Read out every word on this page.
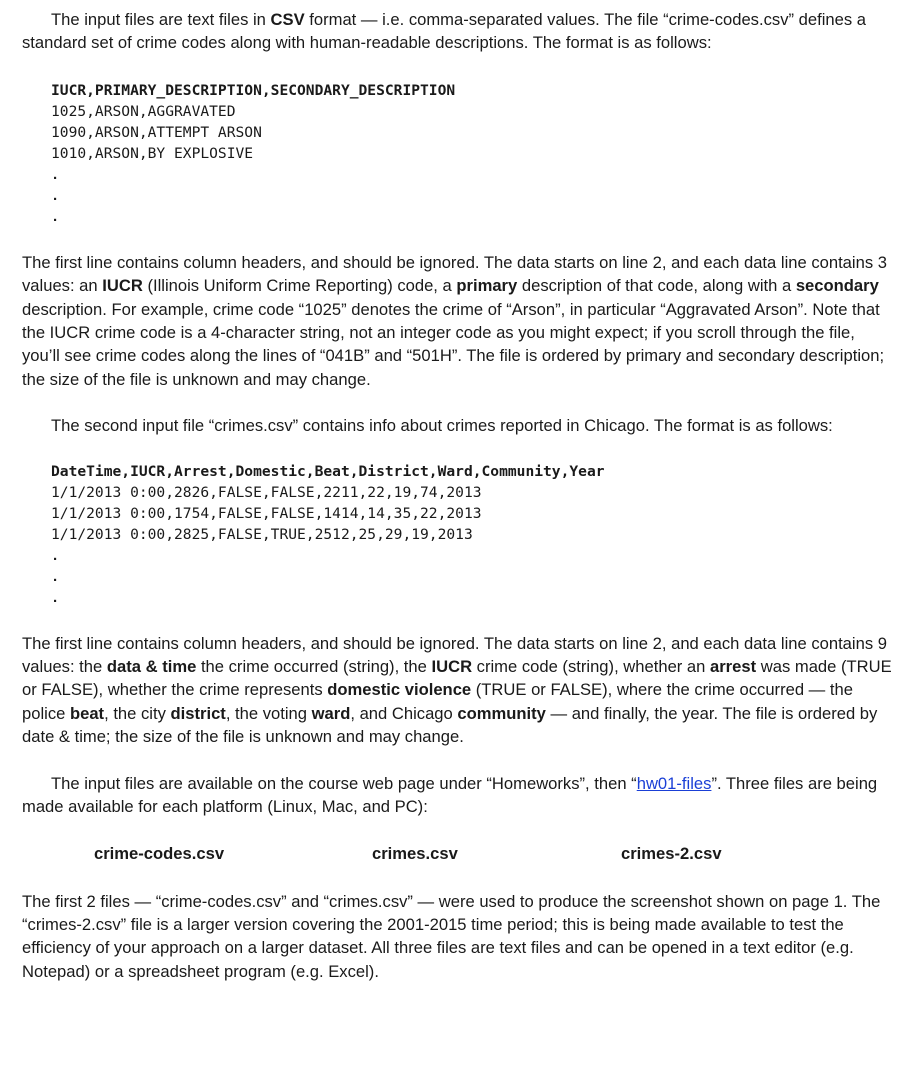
The input files are text files in CSV format — i.e. comma-separated values. The file “crime-codes.csv” defines a standard set of crime codes along with human-readable descriptions. The format is as follows:

IUCR,PRIMARY_DESCRIPTION,SECONDARY_DESCRIPTION
1025,ARSON,AGGRAVATED
1090,ARSON,ATTEMPT ARSON
1010,ARSON,BY EXPLOSIVE
.
.
.

The first line contains column headers, and should be ignored. The data starts on line 2, and each data line contains 3 values: an IUCR (Illinois Uniform Crime Reporting) code, a primary description of that code, along with a secondary description. For example, crime code “1025” denotes the crime of “Arson”, in particular “Aggravated Arson”. Note that the IUCR crime code is a 4-character string, not an integer code as you might expect; if you scroll through the file, you’ll see crime codes along the lines of “041B” and “501H”. The file is ordered by primary and secondary description; the size of the file is unknown and may change.

The second input file “crimes.csv” contains info about crimes reported in Chicago. The format is as follows:

DateTime,IUCR,Arrest,Domestic,Beat,District,Ward,Community,Year
1/1/2013 0:00,2826,FALSE,FALSE,2211,22,19,74,2013
1/1/2013 0:00,1754,FALSE,FALSE,1414,14,35,22,2013
1/1/2013 0:00,2825,FALSE,TRUE,2512,25,29,19,2013
.
.
.

The first line contains column headers, and should be ignored. The data starts on line 2, and each data line contains 9 values: the data & time the crime occurred (string), the IUCR crime code (string), whether an arrest was made (TRUE or FALSE), whether the crime represents domestic violence (TRUE or FALSE), where the crime occurred — the police beat, the city district, the voting ward, and Chicago community — and finally, the year. The file is ordered by date & time; the size of the file is unknown and may change.

The input files are available on the course web page under “Homeworks”, then “hw01-files”. Three files are being made available for each platform (Linux, Mac, and PC):

crime-codes.csv	crimes.csv	crimes-2.csv

The first 2 files — “crime-codes.csv” and “crimes.csv” — were used to produce the screenshot shown on page 1. The “crimes-2.csv” file is a larger version covering the 2001-2015 time period; this is being made available to test the efficiency of your approach on a larger dataset. All three files are text files and can be opened in a text editor (e.g. Notepad) or a spreadsheet program (e.g. Excel).
